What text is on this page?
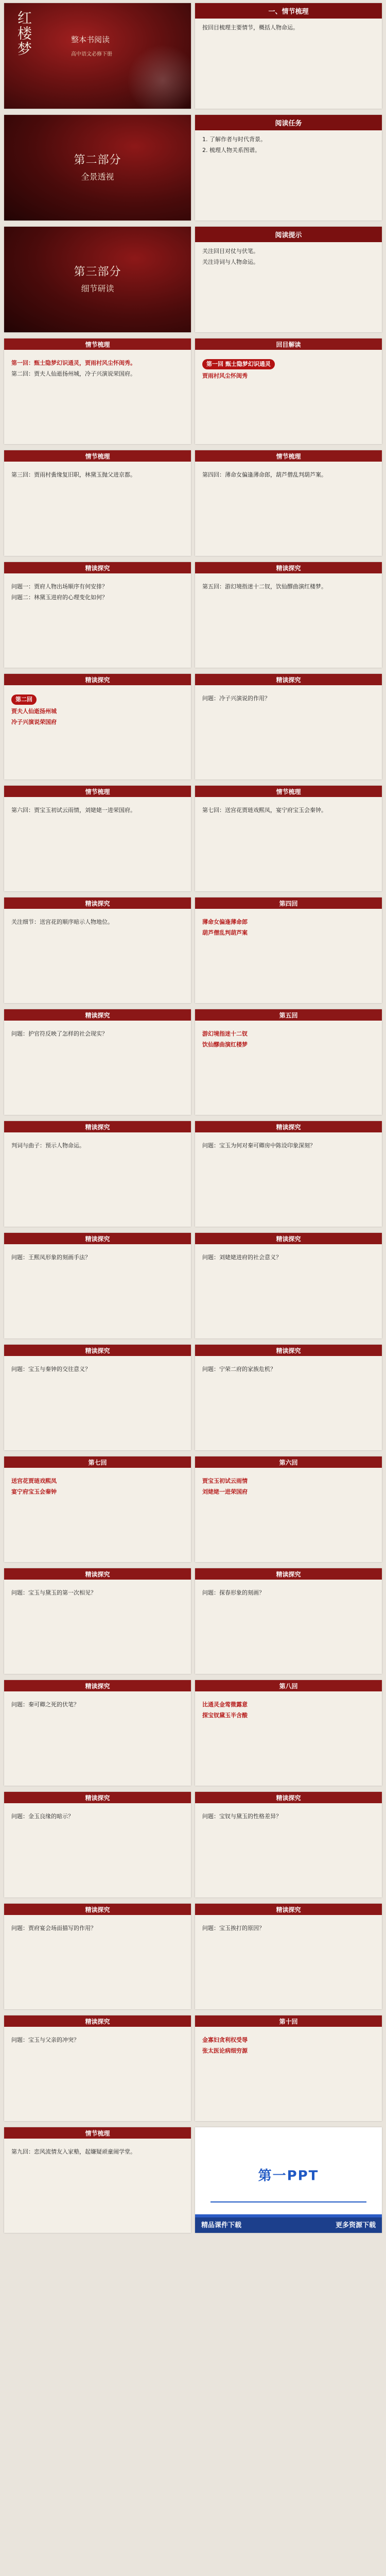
红楼梦	整本书阅读
高中语文必修下册
一、情节梳理

按回目梳理主要情节，概括人物命运。

第二部分
全景透视
阅读任务

1. 了解作者与时代背景。

2. 梳理人物关系图谱。

第三部分
细节研读
阅读提示

关注回目对仗与伏笔。

关注诗词与人物命运。

情节梳理

第一回：甄士隐梦幻识通灵，贾雨村风尘怀闺秀。

第二回：贾夫人仙逝扬州城，冷子兴演说荣国府。

回目解读

第一回 甄士隐梦幻识通灵

贾雨村风尘怀闺秀

情节梳理

第三回：贾雨村夤缘复旧职，林黛玉抛父进京都。

情节梳理

第四回：薄命女偏逢薄命郎，葫芦僧乱判葫芦案。

精读探究

问题一：贾府人物出场顺序有何安排？

问题二：林黛玉进府的心理变化如何？

精读探究

第五回：游幻境指迷十二钗，饮仙醪曲演红楼梦。

精读探究

第二回

贾夫人仙逝扬州城

冷子兴演说荣国府

精读探究

问题：冷子兴演说的作用？

情节梳理

第六回：贾宝玉初试云雨情，刘姥姥一进荣国府。

情节梳理

第七回：送宫花贾琏戏熙凤，宴宁府宝玉会秦钟。

精读探究

关注细节：送宫花的顺序暗示人物地位。

第四回

薄命女偏逢薄命郎

葫芦僧乱判葫芦案

精读探究

问题：护官符反映了怎样的社会现实？

第五回

游幻境指迷十二钗

饮仙醪曲演红楼梦

精读探究

判词与曲子：预示人物命运。

精读探究

问题：宝玉为何对秦可卿房中陈设印象深刻？

精读探究

问题：王熙凤形象的刻画手法？

精读探究

问题：刘姥姥进府的社会意义？

精读探究

问题：宝玉与秦钟的交往意义？

精读探究

问题：宁荣二府的家族危机？

第七回

送宫花贾琏戏熙凤

宴宁府宝玉会秦钟

第六回

贾宝玉初试云雨情

刘姥姥一进荣国府

精读探究

问题：宝玉与黛玉的第一次相见？

精读探究

问题：探春形象的刻画？

精读探究

问题：秦可卿之死的伏笔？

第八回

比通灵金莺微露意

探宝钗黛玉半含酸

精读探究

问题：金玉良缘的暗示？

精读探究

问题：宝钗与黛玉的性格差异？

精读探究

问题：贾府宴会场面描写的作用？

精读探究

问题：宝玉挨打的原因？

精读探究

问题：宝玉与父亲的冲突？

第十回

金寡妇贪利权受辱

张太医论病细穷源

情节梳理

第九回：恋风流情友入家塾，起嫌疑顽童闹学堂。

第一PPT
精品课件下载	更多资源下载
